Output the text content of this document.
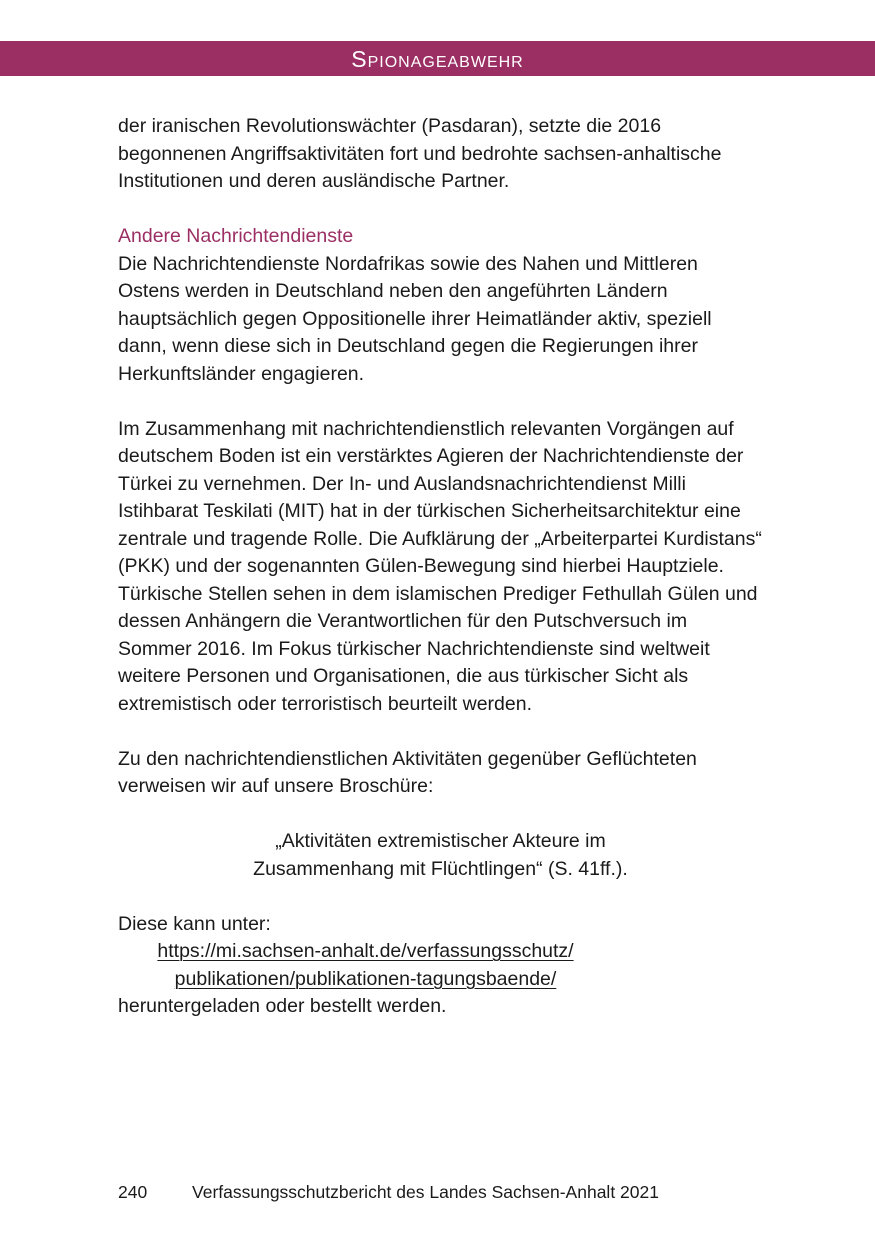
Spionageabwehr

der iranischen Revolutionswächter (Pasdaran), setzte die 2016 begonnenen Angriffsaktivitäten fort und bedrohte sachsen-anhaltische Institutionen und deren ausländische Partner.

Andere Nachrichtendienste

Die Nachrichtendienste Nordafrikas sowie des Nahen und Mittleren Ostens werden in Deutschland neben den angeführten Ländern hauptsächlich gegen Oppositionelle ihrer Heimatländer aktiv, speziell dann, wenn diese sich in Deutschland gegen die Regierungen ihrer Herkunftsländer engagieren.

Im Zusammenhang mit nachrichtendienstlich relevanten Vorgängen auf deutschem Boden ist ein verstärktes Agieren der Nachrichtendienste der Türkei zu vernehmen. Der In- und Auslandsnachrichtendienst Milli Istihbarat Teskilati (MIT) hat in der türkischen Sicherheitsarchitektur eine zentrale und tragende Rolle. Die Aufklärung der „Arbeiterpartei Kurdistans“ (PKK) und der sogenannten Gülen-Bewegung sind hierbei Hauptziele. Türkische Stellen sehen in dem islamischen Prediger Fethullah Gülen und dessen Anhängern die Verantwortlichen für den Putschversuch im Sommer 2016. Im Fokus türkischer Nachrichtendienste sind weltweit weitere Personen und Organisationen, die aus türkischer Sicht als extremistisch oder terroristisch beurteilt werden.

Zu den nachrichtendienstlichen Aktivitäten gegenüber Geflüchteten verweisen wir auf unsere Broschüre:

„Aktivitäten extremistischer Akteure im

Zusammenhang mit Flüchtlingen“ (S. 41ff.).

Diese kann unter:

https://mi.sachsen-anhalt.de/verfassungsschutz/

publikationen/publikationen-tagungsbaende/

heruntergeladen oder bestellt werden.

240	Verfassungsschutzbericht des Landes Sachsen-Anhalt 2021
